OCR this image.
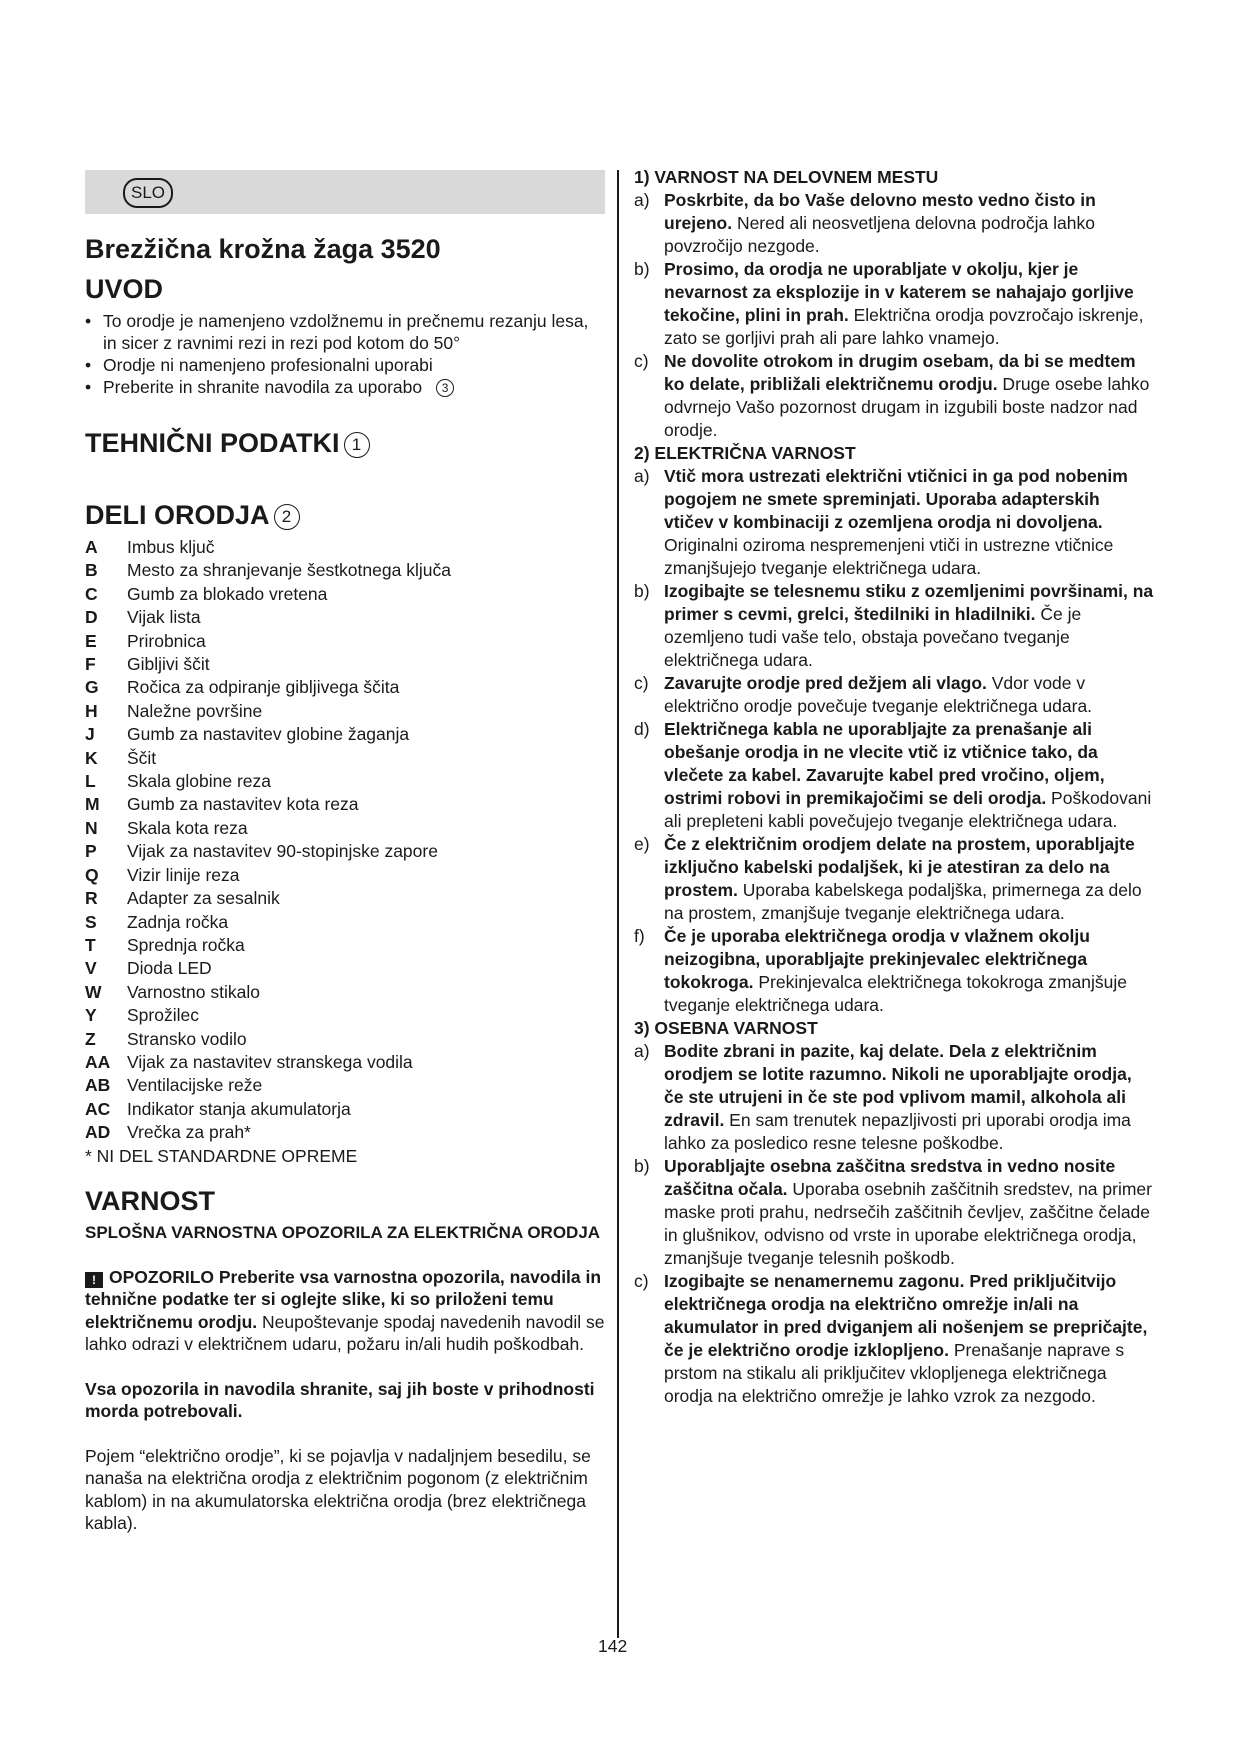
SLO
Brezžična krožna žaga 3520
UVOD
• To orodje je namenjeno vzdolžnemu in prečnemu rezanju lesa, in sicer z ravnimi rezi in rezi pod kotom do 50°
• Orodje ni namenjeno profesionalni uporabi
• Preberite in shranite navodila za uporabo 3
TEHNIČNI PODATKI 1
DELI ORODJA 2
A	Imbus ključ
B	Mesto za shranjevanje šestkotnega ključa
C	Gumb za blokado vretena
D	Vijak lista
E	Prirobnica
F	Gibljivi ščit
G	Ročica za odpiranje gibljivega ščita
H	Naležne površine
J	Gumb za nastavitev globine žaganja
K	Ščit
L	Skala globine reza
M	Gumb za nastavitev kota reza
N	Skala kota reza
P	Vijak za nastavitev 90-stopinjske zapore
Q	Vizir linije reza
R	Adapter za sesalnik
S	Zadnja ročka
T	Sprednja ročka
V	Dioda LED
W	Varnostno stikalo
Y	Sprožilec
Z	Stransko vodilo
AA	Vijak za nastavitev stranskega vodila
AB	Ventilacijske reže
AC	Indikator stanja akumulatorja
AD	Vrečka za prah*
* NI DEL STANDARDNE OPREME
VARNOST
SPLOŠNA VARNOSTNA OPOZORILA ZA ELEKTRIČNA ORODJA

! OPOZORILO Preberite vsa varnostna opozorila, navodila in tehnične podatke ter si oglejte slike, ki so priloženi temu električnemu orodju. Neupoštevanje spodaj navedenih navodil se lahko odrazi v električnem udaru, požaru in/ali hudih poškodbah.

Vsa opozorila in navodila shranite, saj jih boste v prihodnosti morda potrebovali.

Pojem “električno orodje”, ki se pojavlja v nadaljnjem besedilu, se nanaša na električna orodja z električnim pogonom (z električnim kablom) in na akumulatorska električna orodja (brez električnega kabla).

1) VARNOST NA DELOVNEM MESTU
a) Poskrbite, da bo Vaše delovno mesto vedno čisto in urejeno. Nered ali neosvetljena delovna področja lahko povzročijo nezgode.
b) Prosimo, da orodja ne uporabljate v okolju, kjer je nevarnost za eksplozije in v katerem se nahajajo gorljive tekočine, plini in prah. Električna orodja povzročajo iskrenje, zato se gorljivi prah ali pare lahko vnamejo.
c) Ne dovolite otrokom in drugim osebam, da bi se medtem ko delate, približali električnemu orodju. Druge osebe lahko odvrnejo Vašo pozornost drugam in izgubili boste nadzor nad orodje.
2) ELEKTRIČNA VARNOST
a) Vtič mora ustrezati električni vtičnici in ga pod nobenim pogojem ne smete spreminjati. Uporaba adapterskih vtičev v kombinaciji z ozemljena orodja ni dovoljena. Originalni oziroma nespremenjeni vtiči in ustrezne vtičnice zmanjšujejo tveganje električnega udara.
b) Izogibajte se telesnemu stiku z ozemljenimi površinami, na primer s cevmi, grelci, štedilniki in hladilniki. Če je ozemljeno tudi vaše telo, obstaja povečano tveganje električnega udara.
c) Zavarujte orodje pred dežjem ali vlago. Vdor vode v električno orodje povečuje tveganje električnega udara.
d) Električnega kabla ne uporabljajte za prenašanje ali obešanje orodja in ne vlecite vtič iz vtičnice tako, da vlečete za kabel. Zavarujte kabel pred vročino, oljem, ostrimi robovi in premikajočimi se deli orodja. Poškodovani ali prepleteni kabli povečujejo tveganje električnega udara.
e) Če z električnim orodjem delate na prostem, uporabljajte izključno kabelski podaljšek, ki je atestiran za delo na prostem. Uporaba kabelskega podaljška, primernega za delo na prostem, zmanjšuje tveganje električnega udara.
f) Če je uporaba električnega orodja v vlažnem okolju neizogibna, uporabljajte prekinjevalec električnega tokokroga. Prekinjevalca električnega tokokroga zmanjšuje tveganje električnega udara.
3) OSEBNA VARNOST
a) Bodite zbrani in pazite, kaj delate. Dela z električnim orodjem se lotite razumno. Nikoli ne uporabljajte orodja, če ste utrujeni in če ste pod vplivom mamil, alkohola ali zdravil. En sam trenutek nepazljivosti pri uporabi orodja ima lahko za posledico resne telesne poškodbe.
b) Uporabljajte osebna zaščitna sredstva in vedno nosite zaščitna očala. Uporaba osebnih zaščitnih sredstev, na primer maske proti prahu, nedrsečih zaščitnih čevljev, zaščitne čelade in glušnikov, odvisno od vrste in uporabe električnega orodja, zmanjšuje tveganje telesnih poškodb.
c) Izogibajte se nenamernemu zagonu. Pred priključitvijo električnega orodja na električno omrežje in/ali na akumulator in pred dviganjem ali nošenjem se prepričajte, če je električno orodje izklopljeno. Prenašanje naprave s prstom na stikalu ali priključitev vklopljenega električnega orodja na električno omrežje je lahko vzrok za nezgodo.
142
